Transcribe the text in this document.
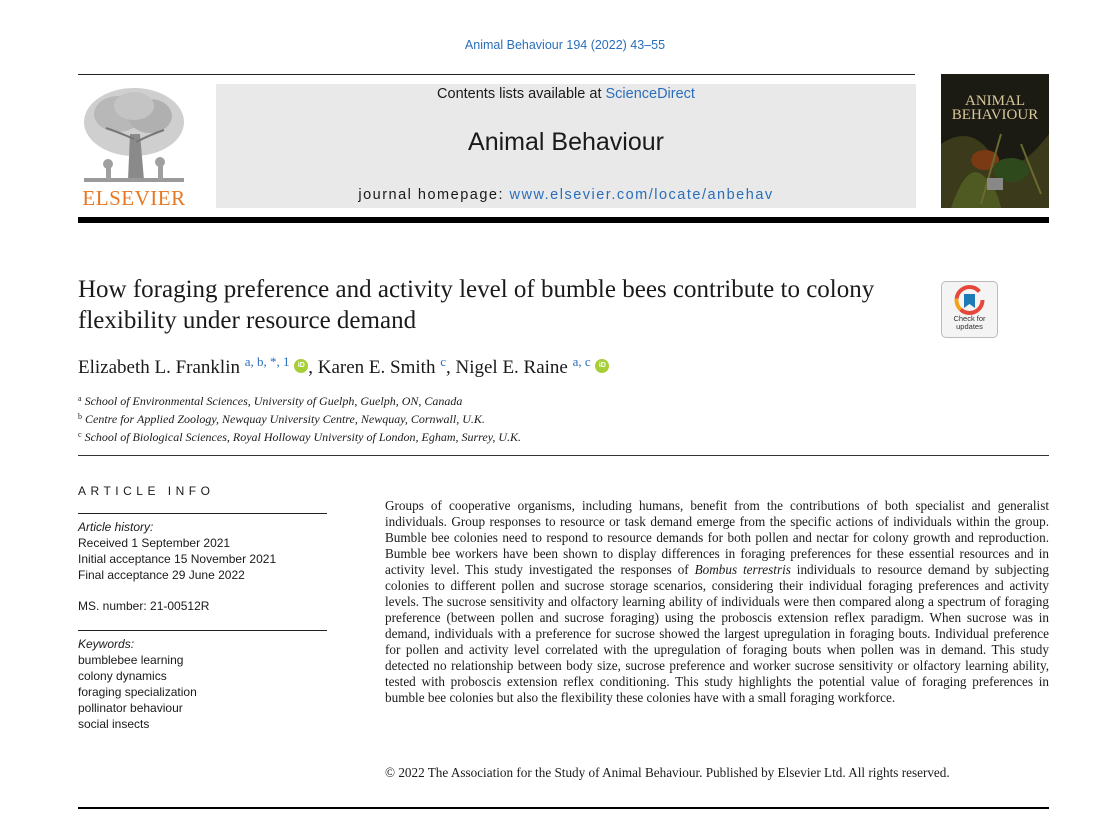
Animal Behaviour 194 (2022) 43–55
ELSEVIER
Contents lists available at ScienceDirect
Animal Behaviour
journal homepage: www.elsevier.com/locate/anbehav
ANIMAL BEHAVIOUR
How foraging preference and activity level of bumble bees contribute to colony flexibility under resource demand	Check for updates
Elizabeth L. Franklin $^{a, b, *, 1}$ iD , Karen E. Smith $^c$, Nigel E. Raine $^{a, c}$ iD
$^a$ School of Environmental Sciences, University of Guelph, Guelph, ON, Canada
$^b$ Centre for Applied Zoology, Newquay University Centre, Newquay, Cornwall, U.K.
$^c$ School of Biological Sciences, Royal Holloway University of London, Egham, Surrey, U.K.
ARTICLE INFO
Article history:
Received 1 September 2021
Initial acceptance 15 November 2021
Final acceptance 29 June 2022
MS. number: 21-00512R
Keywords:
bumblebee learning
colony dynamics
foraging specialization
pollinator behaviour
social insects
Groups of cooperative organisms, including humans, benefit from the contributions of both specialist and generalist individuals. Group responses to resource or task demand emerge from the specific actions of individuals within the group. Bumble bee colonies need to respond to resource demands for both pollen and nectar for colony growth and reproduction. Bumble bee workers have been shown to display differences in foraging preferences for these essential resources and in activity level. This study investigated the responses of Bombus terrestris individuals to resource demand by subjecting colonies to different pollen and sucrose storage scenarios, considering their individual foraging preferences and activity levels. The sucrose sensitivity and olfactory learning ability of individuals were then compared along a spectrum of foraging preference (between pollen and sucrose foraging) using the proboscis extension reflex paradigm. When sucrose was in demand, individuals with a preference for sucrose showed the largest upregulation in foraging bouts. Individual preference for pollen and activity level correlated with the upregulation of foraging bouts when pollen was in demand. This study detected no relationship between body size, sucrose preference and worker sucrose sensitivity or olfactory learning ability, tested with proboscis extension reflex conditioning. This study highlights the potential value of foraging preferences in bumble bee colonies but also the flexibility these colonies have with a small foraging workforce.
© 2022 The Association for the Study of Animal Behaviour. Published by Elsevier Ltd. All rights reserved.
